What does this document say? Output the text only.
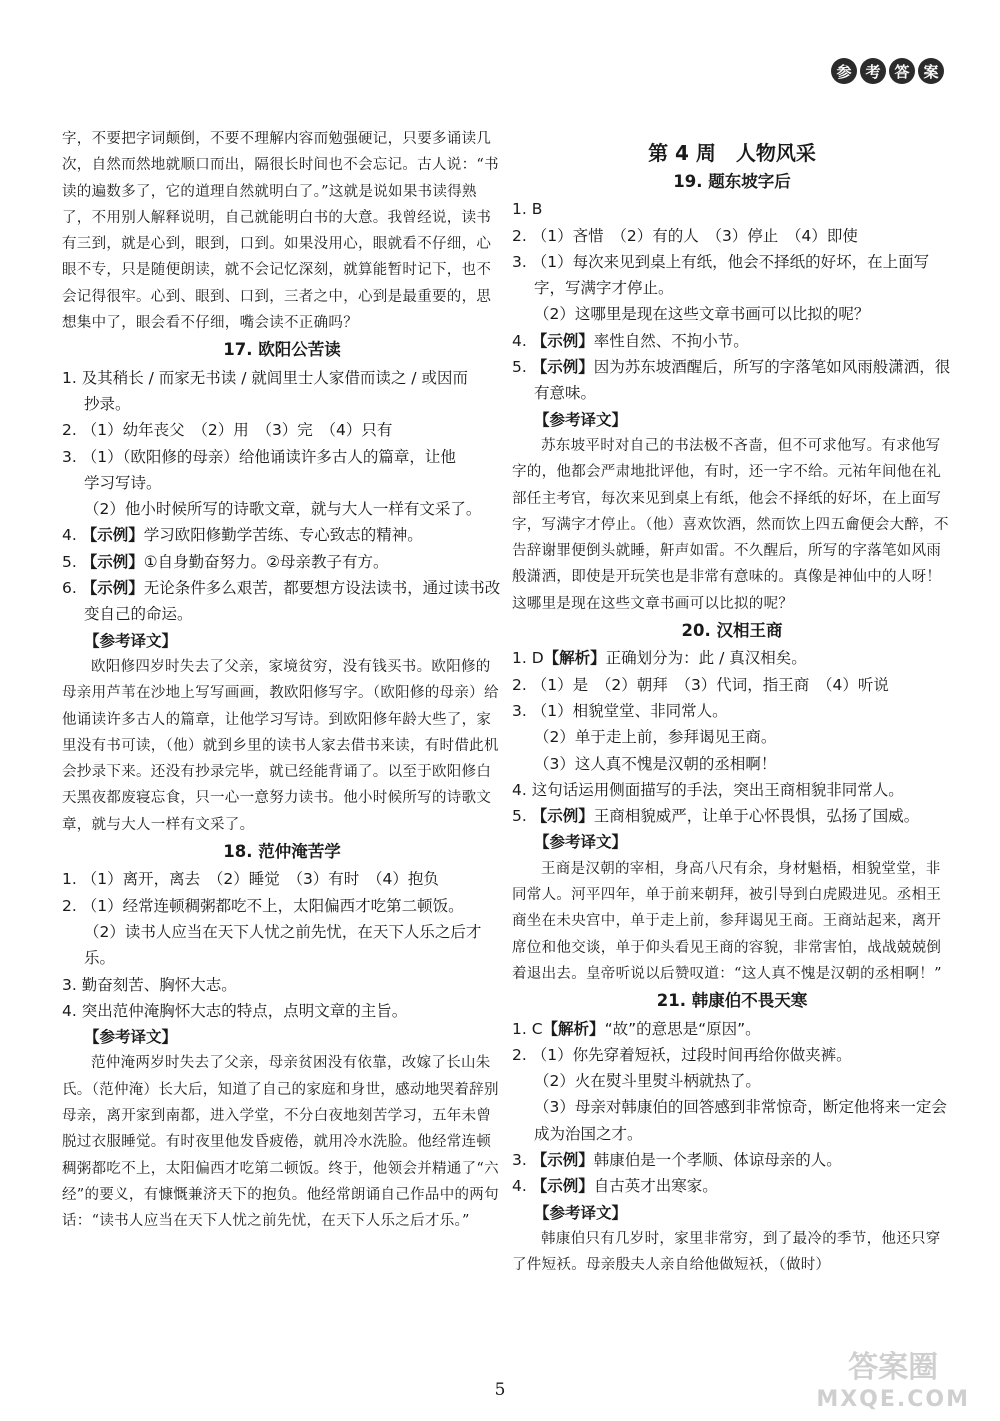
参 考 答 案

字，不要把字词颠倒，不要不理解内容而勉强硬记，只要多诵读几次，自然而然地就顺口而出，隔很长时间也不会忘记。古人说：“书读的遍数多了，它的道理自然就明白了。”这就是说如果书读得熟了，不用别人解释说明，自己就能明白书的大意。我曾经说，读书有三到，就是心到，眼到，口到。如果没用心，眼就看不仔细，心眼不专，只是随便朗读，就不会记忆深刻，就算能暂时记下，也不会记得很牢。心到、眼到、口到，三者之中，心到是最重要的，思想集中了，眼会看不仔细，嘴会读不正确吗？

17. 欧阳公苦读

1. 及其稍长 / 而家无书读 / 就闾里士人家借而读之 / 或因而

抄录。

2. （1）幼年丧父　（2）用　（3）完　（4）只有

3. （1）（欧阳修的母亲）给他诵读许多古人的篇章，让他

学习写诗。

（2）他小时候所写的诗歌文章，就与大人一样有文采了。

4. 【示例】学习欧阳修勤学苦练、专心致志的精神。

5. 【示例】①自身勤奋努力。②母亲教子有方。

6. 【示例】无论条件多么艰苦，都要想方设法读书，通过读书改变自己的命运。

【参考译文】

欧阳修四岁时失去了父亲，家境贫穷，没有钱买书。欧阳修的母亲用芦苇在沙地上写写画画，教欧阳修写字。（欧阳修的母亲）给他诵读许多古人的篇章，让他学习写诗。到欧阳修年龄大些了，家里没有书可读，（他）就到乡里的读书人家去借书来读，有时借此机会抄录下来。还没有抄录完毕，就已经能背诵了。以至于欧阳修白天黑夜都废寝忘食，只一心一意努力读书。他小时候所写的诗歌文章，就与大人一样有文采了。

18. 范仲淹苦学

1. （1）离开，离去　（2）睡觉　（3）有时　（4）抱负

2. （1）经常连顿稠粥都吃不上，太阳偏西才吃第二顿饭。

（2）读书人应当在天下人忧之前先忧，在天下人乐之后才乐。

3. 勤奋刻苦、胸怀大志。

4. 突出范仲淹胸怀大志的特点，点明文章的主旨。

【参考译文】

范仲淹两岁时失去了父亲，母亲贫困没有依靠，改嫁了长山朱氏。（范仲淹）长大后，知道了自己的家庭和身世，感动地哭着辞别母亲，离开家到南都，进入学堂，不分白夜地刻苦学习，五年未曾脱过衣服睡觉。有时夜里他发昏疲倦，就用冷水洗脸。他经常连顿稠粥都吃不上，太阳偏西才吃第二顿饭。终于，他领会并精通了“六经”的要义，有慷慨兼济天下的抱负。他经常朗诵自己作品中的两句话：“读书人应当在天下人忧之前先忧，在天下人乐之后才乐。”

第 4 周　人物风采
19. 题东坡字后

1. B

2. （1）吝惜　（2）有的人　（3）停止　（4）即使

3. （1）每次来见到桌上有纸，他会不择纸的好坏，在上面写字，写满字才停止。

（2）这哪里是现在这些文章书画可以比拟的呢？

4. 【示例】率性自然、不拘小节。

5. 【示例】因为苏东坡酒醒后，所写的字落笔如风雨般潇洒，很有意味。

【参考译文】

苏东坡平时对自己的书法极不吝啬，但不可求他写。有求他写字的，他都会严肃地批评他，有时，还一字不给。元祐年间他在礼部任主考官，每次来见到桌上有纸，他会不择纸的好坏，在上面写字，写满字才停止。（他）喜欢饮酒，然而饮上四五龠便会大醉，不告辞谢罪便倒头就睡，鼾声如雷。不久醒后，所写的字落笔如风雨般潇洒，即使是开玩笑也是非常有意味的。真像是神仙中的人呀！这哪里是现在这些文章书画可以比拟的呢？

20. 汉相王商

1. D【解析】正确划分为：此 / 真汉相矣。

2. （1）是　（2）朝拜　（3）代词，指王商　（4）听说

3. （1）相貌堂堂、非同常人。

（2）单于走上前，参拜谒见王商。

（3）这人真不愧是汉朝的丞相啊！

4. 这句话运用侧面描写的手法，突出王商相貌非同常人。

5. 【示例】王商相貌威严，让单于心怀畏惧，弘扬了国威。

【参考译文】

王商是汉朝的宰相，身高八尺有余，身材魁梧，相貌堂堂，非同常人。河平四年，单于前来朝拜，被引导到白虎殿进见。丞相王商坐在未央宫中，单于走上前，参拜谒见王商。王商站起来，离开席位和他交谈，单于仰头看见王商的容貌，非常害怕，战战兢兢倒着退出去。皇帝听说以后赞叹道：“这人真不愧是汉朝的丞相啊！”

21. 韩康伯不畏天寒

1. C【解析】“故”的意思是“原因”。

2. （1）你先穿着短袄，过段时间再给你做夹裤。

（2）火在熨斗里熨斗柄就热了。

（3）母亲对韩康伯的回答感到非常惊奇，断定他将来一定会成为治国之才。

3. 【示例】韩康伯是一个孝顺、体谅母亲的人。

4. 【示例】自古英才出寒家。

【参考译文】

韩康伯只有几岁时，家里非常穷，到了最冷的季节，他还只穿了件短袄。母亲殷夫人亲自给他做短袄，（做时）

答案圈
MXQE.COM
5
